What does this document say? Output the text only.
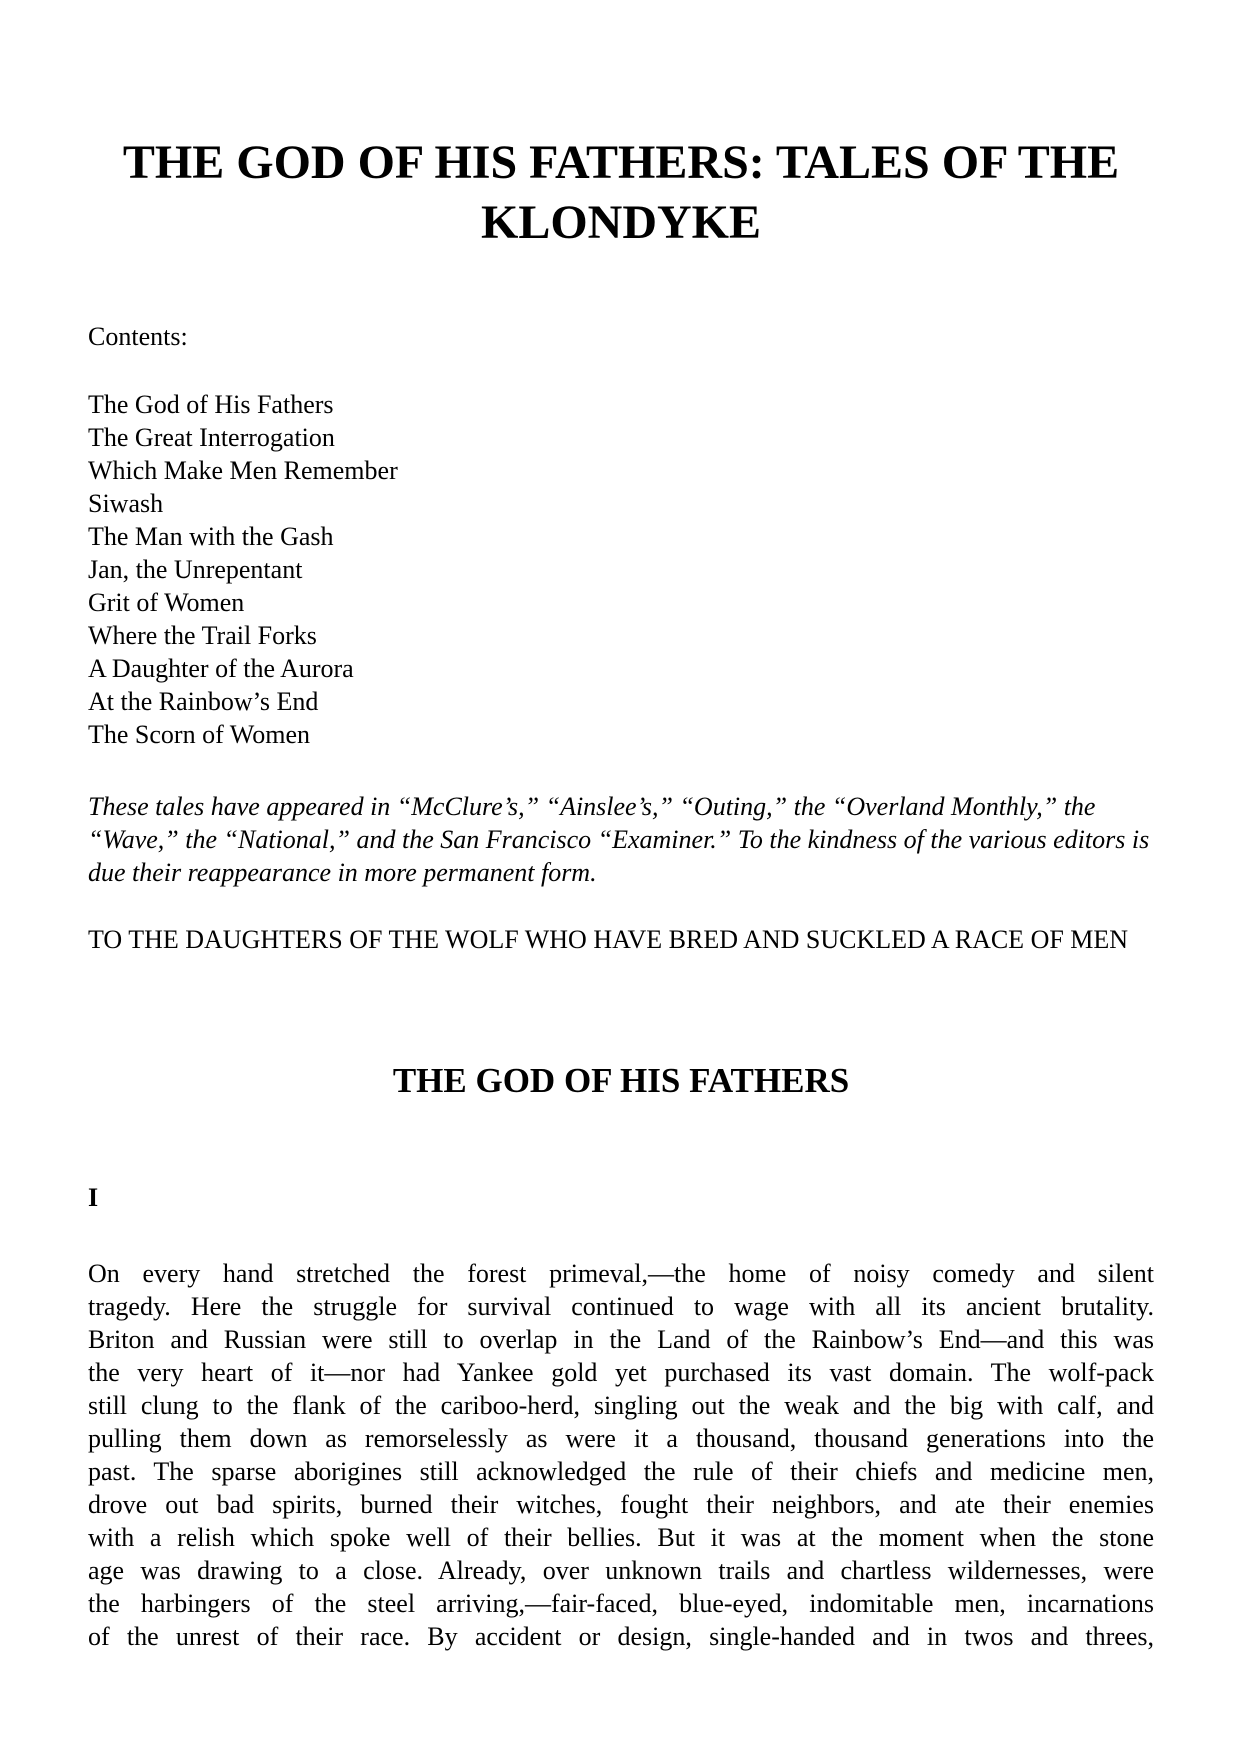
THE GOD OF HIS FATHERS: TALES OF THE KLONDYKE

Contents:

The God of His Fathers
The Great Interrogation
Which Make Men Remember
Siwash
The Man with the Gash
Jan, the Unrepentant
Grit of Women
Where the Trail Forks
A Daughter of the Aurora
At the Rainbow’s End
The Scorn of Women

These tales have appeared in “McClure’s,” “Ainslee’s,” “Outing,” the “Overland Monthly,” the “Wave,” the “National,” and the San Francisco “Examiner.” To the kindness of the various editors is due their reappearance in more permanent form.

TO THE DAUGHTERS OF THE WOLF WHO HAVE BRED AND SUCKLED A RACE OF MEN

THE GOD OF HIS FATHERS

I

On every hand stretched the forest primeval,—the home of noisy comedy and silent
tragedy. Here the struggle for survival continued to wage with all its ancient brutality.
Briton and Russian were still to overlap in the Land of the Rainbow’s End—and this was
the very heart of it—nor had Yankee gold yet purchased its vast domain. The wolf-pack
still clung to the flank of the cariboo-herd, singling out the weak and the big with calf, and
pulling them down as remorselessly as were it a thousand, thousand generations into the
past. The sparse aborigines still acknowledged the rule of their chiefs and medicine men,
drove out bad spirits, burned their witches, fought their neighbors, and ate their enemies
with a relish which spoke well of their bellies. But it was at the moment when the stone
age was drawing to a close. Already, over unknown trails and chartless wildernesses, were
the harbingers of the steel arriving,—fair-faced, blue-eyed, indomitable men, incarnations
of the unrest of their race. By accident or design, single-handed and in twos and threes,
